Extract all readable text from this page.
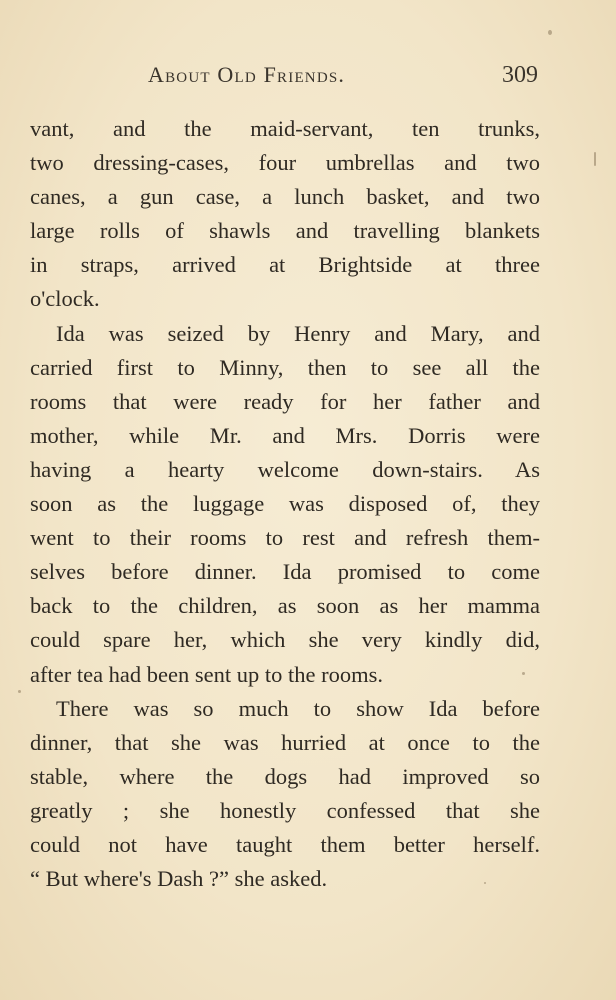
About Old Friends.	309
vant, and the maid-servant, ten trunks,
two dressing-cases, four umbrellas and two
canes, a gun case, a lunch basket, and two
large rolls of shawls and travelling blankets
in straps, arrived at Brightside at three
o'clock.
Ida was seized by Henry and Mary, and
carried first to Minny, then to see all the
rooms that were ready for her father and
mother, while Mr. and Mrs. Dorris were
having a hearty welcome down-stairs. As
soon as the luggage was disposed of, they
went to their rooms to rest and refresh them-
selves before dinner. Ida promised to come
back to the children, as soon as her mamma
could spare her, which she very kindly did,
after tea had been sent up to the rooms.
There was so much to show Ida before
dinner, that she was hurried at once to the
stable, where the dogs had improved so
greatly ; she honestly confessed that she
could not have taught them better herself.
“ But where's Dash ?” she asked.
